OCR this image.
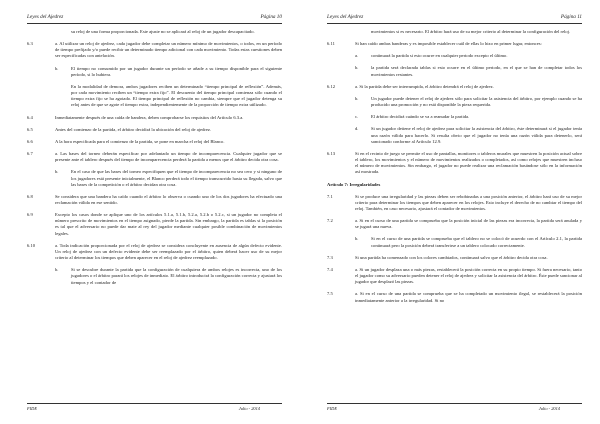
Leyes del Ajedrez	Página 10
su reloj de una forma proporcionada. Este ajuste no se aplicará al reloj de un jugador descapacitado.
6.3	a. Al utilizar un reloj de ajedrez, cada jugador debe completar un número mínimo de movimientos, o todos, en un período de tiempo prefijado y/o puede recibir un determinado tiempo adicional con cada movimiento. Todas estas cuestiones deben ser especificadas con antelación.
b.	El tiempo no consumido por un jugador durante un período se añade a su tiempo disponible para el siguiente período, si lo hubiera.
En la modalidad de demora, ambos jugadores reciben un determinado “tiempo principal de reflexión”. Además, por cada movimiento reciben un “tiempo extra fijo”. El descuento del tiempo principal comienza sólo cuando el tiempo extra fijo se ha agotado. El tiempo principal de reflexión no cambia, siempre que el jugador detenga su reloj antes de que se agote el tiempo extra, independientemente de la proporción de tiempo extra utilizado.
6.4	Inmediatamente después de una caída de bandera, deben comprobarse los requisitos del Artículo 6.3.a.
6.5	Antes del comienzo de la partida, el árbitro decidirá la ubicación del reloj de ajedrez.
6.6	A la hora especificada para el comienzo de la partida, se pone en marcha el reloj del Blanco.
6.7	a. Las bases del torneo deberán especificar por adelantado un tiempo de incomparecencia. Cualquier jugador que se presente ante el tablero después del tiempo de incomparecencia perderá la partida a menos que el árbitro decida otra cosa.
b.	En el caso de que las bases del torneo especifiquen que el tiempo de incomparecencia no sea cero y si ninguno de los jugadores está presente inicialmente, el Blanco perderá todo el tiempo transcurrido hasta su llegada, salvo que las bases de la competición o el árbitro decidan otra cosa.
6.8	Se considera que una bandera ha caído cuando el árbitro lo observa o cuando uno de los dos jugadores ha efectuado una reclamación válida en ese sentido.
6.9	Excepto los casos donde se aplique uno de los artículos 5.1.a, 5.1.b, 5.2.a, 5.2.b o 5.2.c, si un jugador no completa el número prescrito de movimientos en el tiempo asignado, pierde la partida. Sin embargo, la partida es tablas si la posición es tal que el adversario no puede dar mate al rey del jugador mediante cualquier posible combinación de movimientos legales.
6.10	a. Toda indicación proporcionada por el reloj de ajedrez se considera concluyente en ausencia de algún defecto evidente. Un reloj de ajedrez con un defecto evidente debe ser reemplazado por el árbitro, quien deberá hacer uso de su mejor criterio al determinar los tiempos que deben aparecer en el reloj de ajedrez reemplazado.
b.	Si se descubre durante la partida que la configuración de cualquiera de ambos relojes es incorrecta, uno de los jugadores o el árbitro parará los relojes de inmediato. El árbitro introducirá la configuración correcta y ajustará los tiempos y el contador de
FIDE	Julio - 2014
Leyes del Ajedrez	Página 11
movimientos si es necesario. El árbitro hará uso de su mejor criterio al determinar la configuración del reloj.
6.11	Si han caído ambas banderas y es imposible establecer cuál de ellas lo hizo en primer lugar, entonces:
a.	continuará la partida si esto ocurre en cualquier periodo excepto el último.
b.	la partida será declarada tablas si esto ocurre en el último periodo, en el que se han de completar todos los movimientos restantes.
6.12	a. Si la partida debe ser interrumpida, el árbitro detendrá el reloj de ajedrez.
b.	Un jugador puede detener el reloj de ajedrez sólo para solicitar la asistencia del árbitro, por ejemplo cuando se ha producido una promoción y no está disponible la pieza requerida.
c.	El árbitro decidirá cuándo se va a reanudar la partida.
d.	Si un jugador detiene el reloj de ajedrez para solicitar la asistencia del árbitro, éste determinará si el jugador tenía una razón válida para hacerlo. Si resulta obvio que el jugador no tenía una razón válida para detenerlo, será sancionado conforme al Artículo 12.9.
6.13	Si en el recinto de juego se permite el uso de pantallas, monitores o tableros murales que muestren la posición actual sobre el tablero, los movimientos y el número de movimientos realizados o completados, así como relojes que muestren incluso el número de movimientos. Sin embargo, el jugador no puede realizar una reclamación basándose sólo en la información así mostrada.
Artículo 7: Irregularidades
7.1	Si se produce una irregularidad y las piezas deben ser rebobinadas a una posición anterior, el árbitro hará uso de su mejor criterio para determinar los tiempos que deben aparecer en los relojes. Esto incluye el derecho de no cambiar el tiempo del reloj. También, en caso necesario, ajustará el contador de movimientos.
7.2	a. Si en el curso de una partida se comprueba que la posición inicial de las piezas era incorrecta, la partida será anulada y se jugará una nueva.
b.	Si en el curso de una partida se comprueba que el tablero no se colocó de acuerdo con el Artículo 2.1, la partida continuará pero la posición deberá transferirse a un tablero colocado correctamente.
7.3	Si una partida ha comenzado con los colores cambiados, continuará salvo que el árbitro decida otra cosa.
7.4	a. Si un jugador desplaza una o más piezas, restablecerá la posición correcta en su propio tiempo. Si fuera necesario, tanto el jugador como su adversario pueden detener el reloj de ajedrez y solicitar la asistencia del árbitro. Éste puede sancionar al jugador que desplazó las piezas.
7.5	a. Si en el curso de una partida se comprueba que se ha completado un movimiento ilegal, se restablecerá la posición inmediatamente anterior a la irregularidad. Si no
FIDE	Julio - 2014
